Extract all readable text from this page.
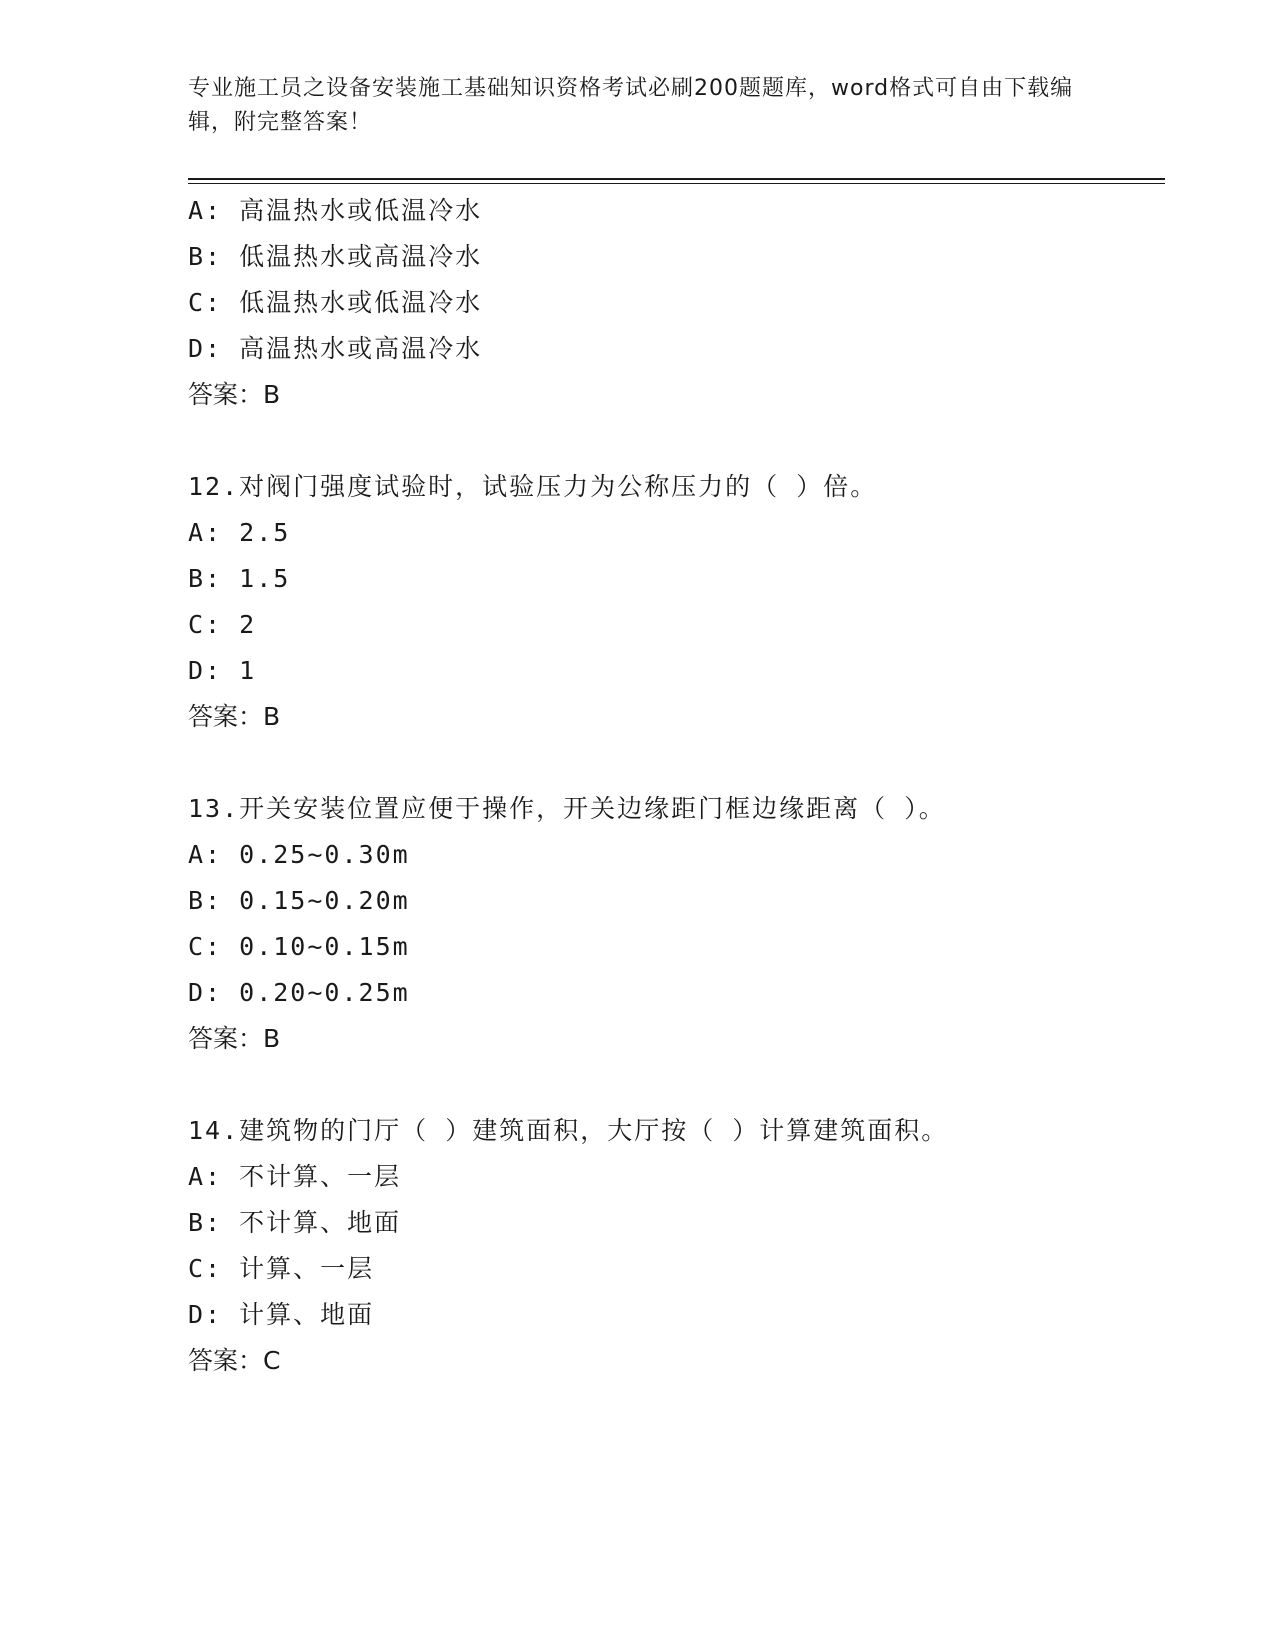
专业施工员之设备安装施工基础知识资格考试必刷200题题库，word格式可自由下载编辑，附完整答案！
A: 高温热水或低温冷水
B: 低温热水或高温冷水
C: 低温热水或低温冷水
D: 高温热水或高温冷水
答案：B
12.对阀门强度试验时，试验压力为公称压力的（ ）倍。
A: 2.5
B: 1.5
C: 2
D: 1
答案：B
13.开关安装位置应便于操作，开关边缘距门框边缘距离（ ）。
A: 0.25~0.30m
B: 0.15~0.20m
C: 0.10~0.15m
D: 0.20~0.25m
答案：B
14.建筑物的门厅（ ）建筑面积，大厅按（ ）计算建筑面积。
A: 不计算、一层
B: 不计算、地面
C: 计算、一层
D: 计算、地面
答案：C
